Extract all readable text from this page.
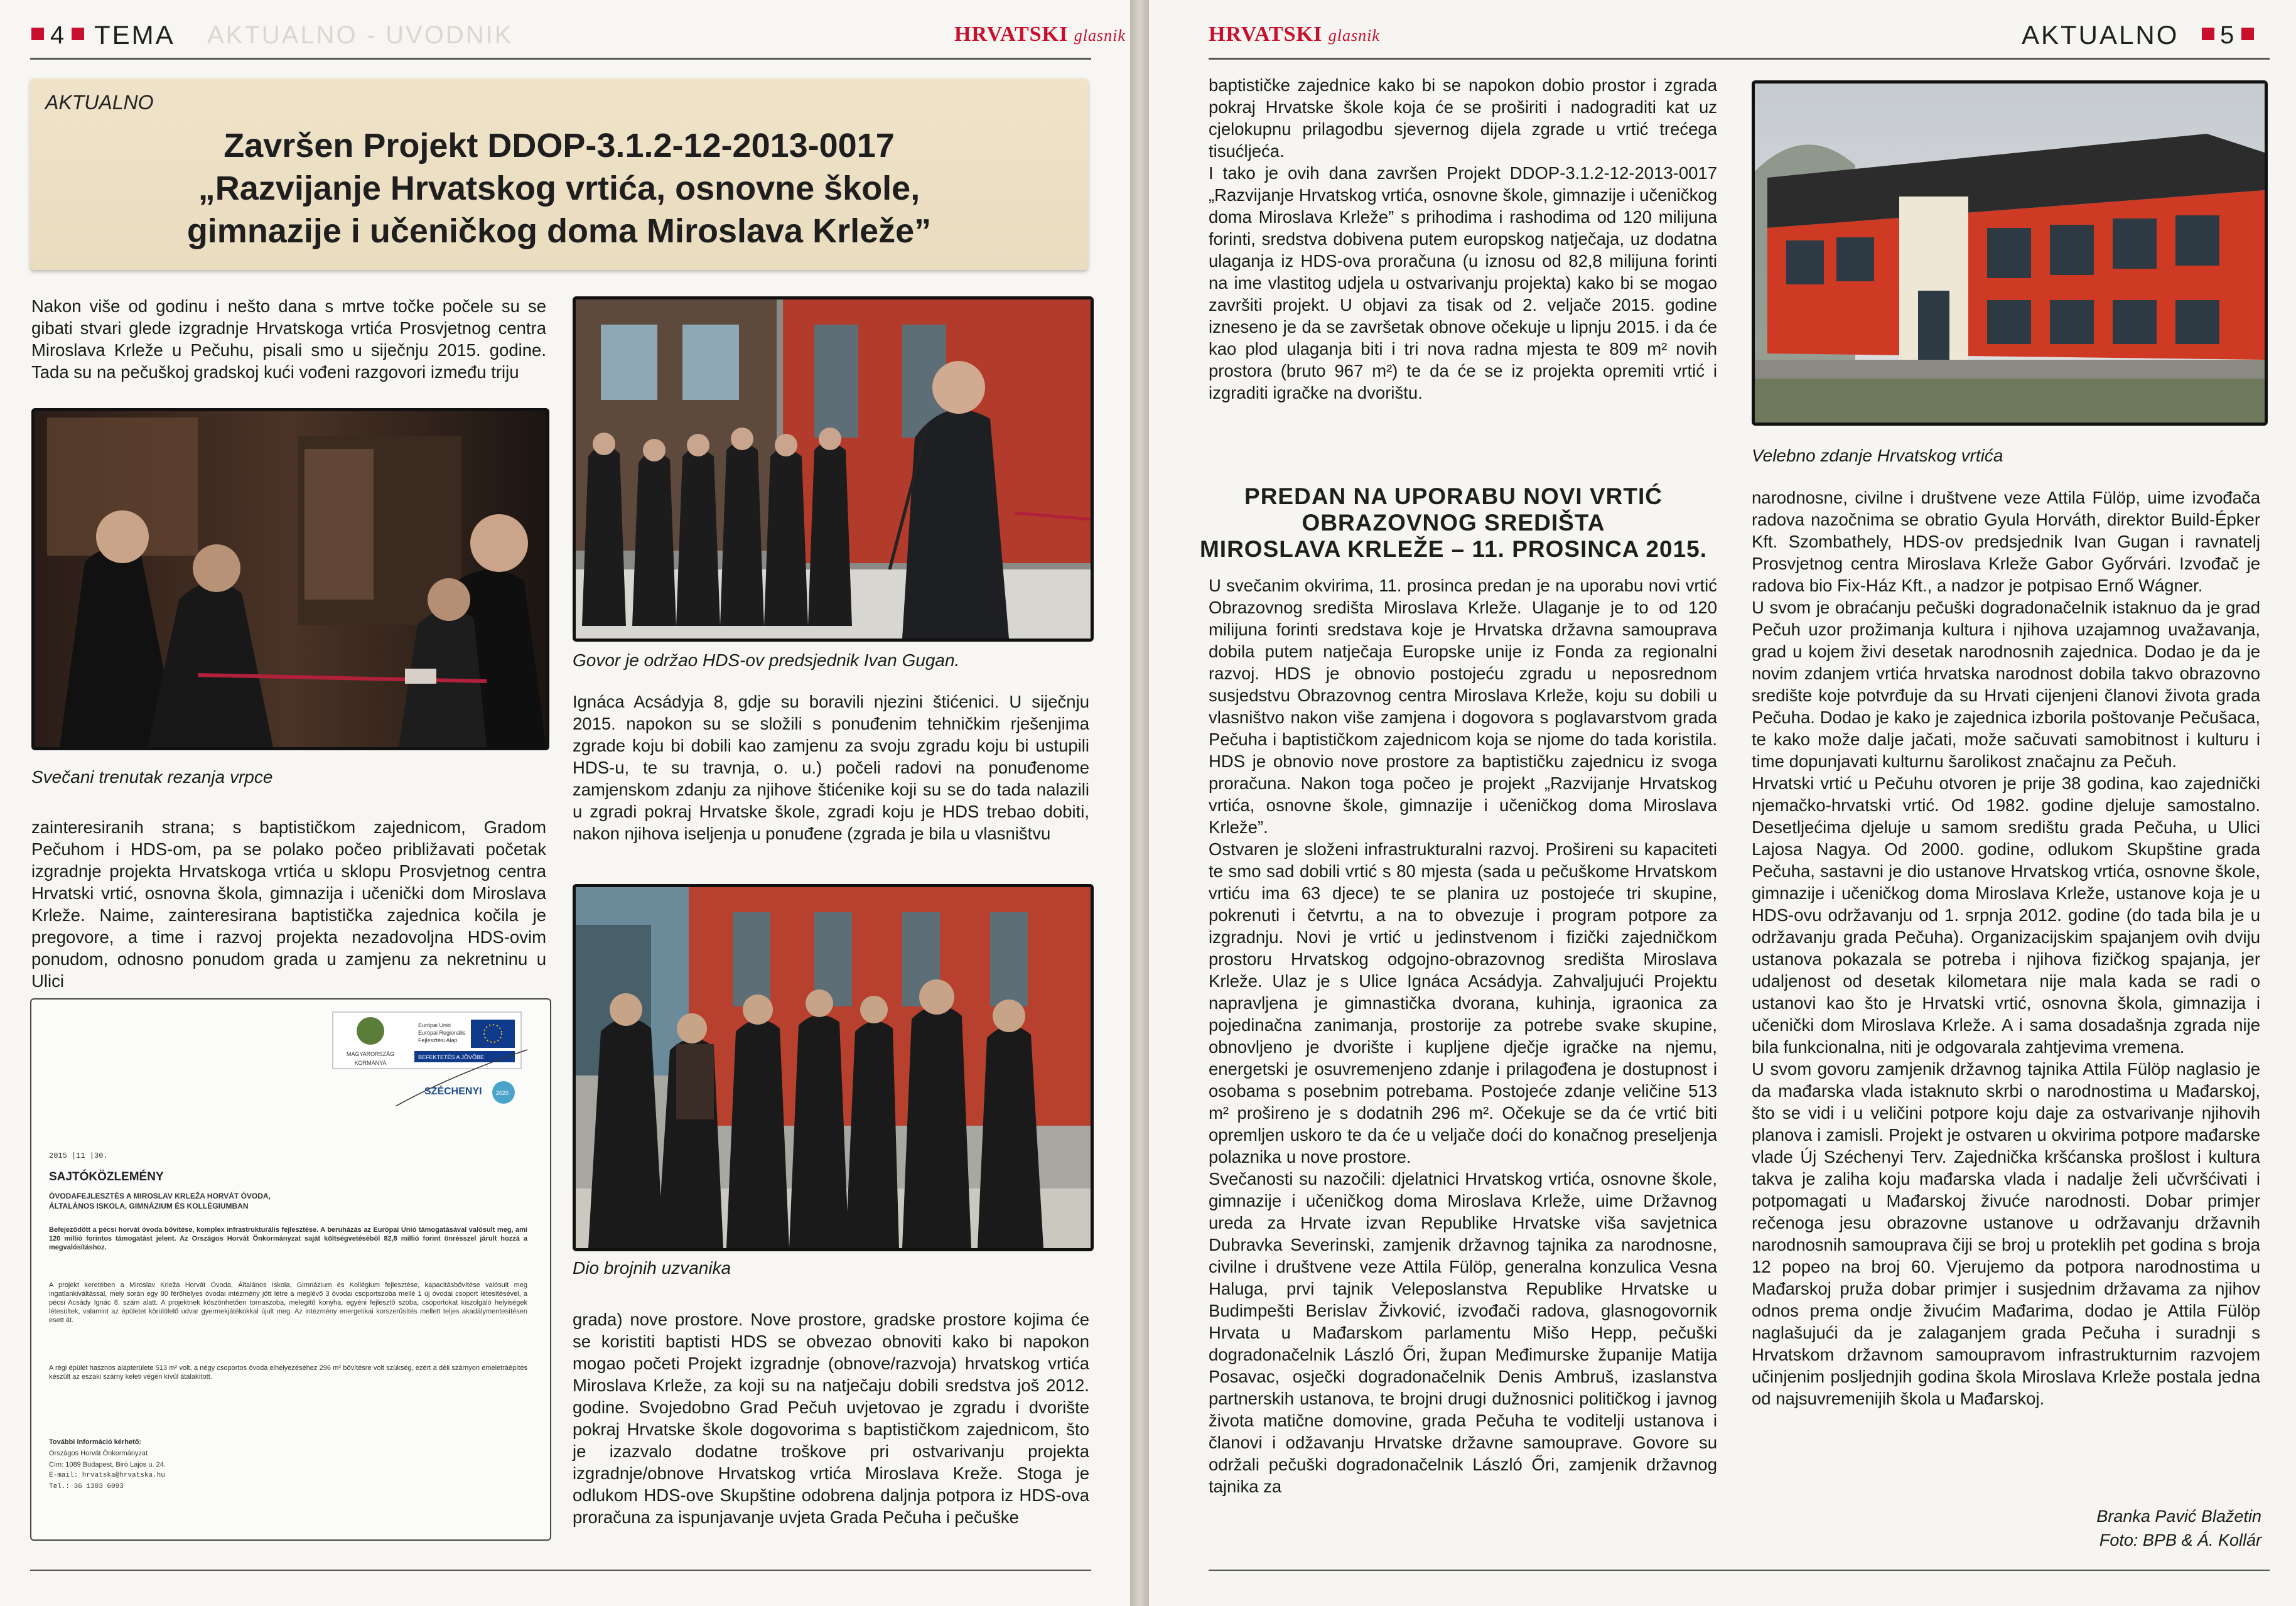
4 TEMA AKTUALNO - UVODNIK	HRVATSKI glasnik
AKTUALNO
Završen Projekt DDOP-3.1.2-12-2013-0017
„Razvijanje Hrvatskog vrtića, osnovne škole,
gimnazije i učeničkog doma Miroslava Krleže”
Nakon više od godinu i nešto dana s mrtve točke počele su se gibati stvari glede izgradnje Hrvatskoga vrtića Prosvjetnog centra Miroslava Krleže u Pečuhu, pisali smo u siječnju 2015. godine. Tada su na pečuškoj gradskoj kući vođeni razgovori između triju
Svečani trenutak rezanja vrpce
zainteresiranih strana; s baptističkom zajednicom, Gradom Pečuhom i HDS-om, pa se polako počeo približavati početak izgradnje projekta Hrvatskoga vrtića u sklopu Prosvjetnog centra Hrvatski vrtić, osnovna škola, gimnazija i učenički dom Miroslava Krleže. Naime, zainteresirana baptistička zajednica kočila je pregovore, a time i razvoj projekta nezadovoljna HDS-ovim ponudom, odnosno ponudom grada u zamjenu za nekretninu u Ulici
MAGYARORSZÁG KORMÁNYA
Európai Unió
Európai Regionális
Fejlesztési Alap
BEFEKTETÉS A JÖVŐBE
SZÉCHENYI 2020
2015 |11 |30.
SAJTÓKÖZLEMÉNY
ÓVODAFEJLESZTÉS A MIROSLAV KRLEŽA HORVÁT ÓVODA,
ÁLTALÁNOS ISKOLA, GIMNÁZIUM ÉS KOLLÉGIUMBAN
Befejeződött a pécsi horvát óvoda bővítése, komplex infrastrukturális fejlesztése. A beruházás az Európai Unió támogatásával valósult meg, ami 120 millió forintos támogatást jelent. Az Országos Horvát Önkormányzat saját költségvetéséből 82,8 millió forint önrésszel járult hozzá a megvalósításhoz.
A projekt keretében a Miroslav Krleža Horvát Óvoda, Általános Iskola, Gimnázium és Kollégium fejlesztése, kapacitásbővítése valósult meg ingatlankiváltással, mely során egy 80 férőhelyes óvodai intézmény jött létre a meglévő 3 óvodai csoportszoba mellé 1 új óvodai csoport létesítésével, a pécsi Acsády Ignác 8. szám alatt. A projektnek köszönhetően tornaszoba, melegítő konyha, egyéni fejlesztő szoba, csoportokat kiszolgáló helyiségek létesültek, valamint az épületet körülölelő udvar gyermekjátékokkal újult meg. Az intézmény energetikai korszerűsítés mellett teljes akadálymentesítésen esett át.
A régi épület hasznos alapterülete 513 m² volt, a négy csoportos óvoda elhelyezéséhez 296 m² bővítésre volt szükség, ezért a déli szárnyon emeletráépítés készült az eszaki szárny keleti végén kívül átalakított.
További információ kérhető:
Országos Horvát Önkormányzat
Cím: 1089 Budapest, Biró Lajos u. 24.
E-mail: hrvatska@hrvatska.hu
Tel.: 36 1303 6093
Govor je održao HDS-ov predsjednik Ivan Gugan.
Ignáca Acsádyja 8, gdje su boravili njezini štićenici. U siječnju 2015. napokon su se složili s ponuđenim tehničkim rješenjima zgrade koju bi dobili kao zamjenu za svoju zgradu koju bi ustupili HDS-u, te su travnja, o. u.) počeli radovi na ponuđenome zamjenskom zdanju za njihove štićenike koji su se do tada nalazili u zgradi pokraj Hrvatske škole, zgradi koju je HDS trebao dobiti, nakon njihova iseljenja u ponuđene (zgrada je bila u vlasništvu
Dio brojnih uzvanika
grada) nove prostore. Nove prostore, gradske prostore kojima će se koristiti baptisti HDS se obvezao obnoviti kako bi napokon mogao početi Projekt izgradnje (obnove/razvoja) hrvatskog vrtića Miroslava Krleže, za koji su na natječaju dobili sredstva još 2012. godine. Svojedobno Grad Pečuh uvjetovao je zgradu i dvorište pokraj Hrvatske škole dogovorima s baptističkom zajednicom, što je izazvalo dodatne troškove pri ostvarivanju projekta izgradnje/obnove Hrvatskog vrtića Miroslava Kreže. Stoga je odlukom HDS-ove Skupštine odobrena daljnja potpora iz HDS-ova proračuna za ispunjavanje uvjeta Grada Pečuha i pečuške
HRVATSKI glasnik	AKTUALNO 5
baptističke zajednice kako bi se napokon dobio prostor i zgrada pokraj Hrvatske škole koja će se proširiti i nadograditi kat uz cjelokupnu prilagodbu sjevernog dijela zgrade u vrtić trećega tisućljeća.
I tako je ovih dana završen Projekt DDOP-3.1.2-12-2013-0017 „Razvijanje Hrvatskog vrtića, osnovne škole, gimnazije i učeničkog doma Miroslava Krleže” s prihodima i rashodima od 120 milijuna forinti, sredstva dobivena putem europskog natječaja, uz dodatna ulaganja iz HDS-ova proračuna (u iznosu od 82,8 milijuna forinti na ime vlastitog udjela u ostvarivanju projekta) kako bi se mogao završiti projekt. U objavi za tisak od 2. veljače 2015. godine izneseno je da se završetak obnove očekuje u lipnju 2015. i da će kao plod ulaganja biti i tri nova radna mjesta te 809 m² novih prostora (bruto 967 m²) te da će se iz projekta opremiti vrtić i izgraditi igračke na dvorištu.
Velebno zdanje Hrvatskog vrtića
PREDAN NA UPORABU NOVI VRTIĆ
OBRAZOVNOG SREDIŠTA
MIROSLAVA KRLEŽE – 11. PROSINCA 2015.
U svečanim okvirima, 11. prosinca predan je na uporabu novi vrtić Obrazovnog središta Miroslava Krleže. Ulaganje je to od 120 milijuna forinti sredstava koje je Hrvatska državna samouprava dobila putem natječaja Europske unije iz Fonda za regionalni razvoj. HDS je obnovio postojeću zgradu u neposrednom susjedstvu Obrazovnog centra Miroslava Krleže, koju su dobili u vlasništvo nakon više zamjena i dogovora s poglavarstvom grada Pečuha i baptističkom zajednicom koja se njome do tada koristila. HDS je obnovio nove prostore za baptističku zajednicu iz svoga proračuna. Nakon toga počeo je projekt „Razvijanje Hrvatskog vrtića, osnovne škole, gimnazije i učeničkog doma Miroslava Krleže”.
Ostvaren je složeni infrastrukturalni razvoj. Prošireni su kapaciteti te smo sad dobili vrtić s 80 mjesta (sada u pečuškome Hrvatskom vrtiću ima 63 djece) te se planira uz postojeće tri skupine, pokrenuti i četvrtu, a na to obvezuje i program potpore za izgradnju. Novi je vrtić u jedinstvenom i fizički zajedničkom prostoru Hrvatskog odgojno-obrazovnog središta Miroslava Krleže. Ulaz je s Ulice Ignáca Acsádyja. Zahvaljujući Projektu napravljena je gimnastička dvorana, kuhinja, igraonica za pojedinačna zanimanja, prostorije za potrebe svake skupine, obnovljeno je dvorište i kupljene dječje igračke na njemu, energetski je osuvremenjeno zdanje i prilagođena je dostupnost i osobama s posebnim potrebama. Postojeće zdanje veličine 513 m² prošireno je s dodatnih 296 m². Očekuje se da će vrtić biti opremljen uskoro te da će u veljače doći do konačnog preseljenja polaznika u nove prostore.
Svečanosti su nazočili: djelatnici Hrvatskog vrtića, osnovne škole, gimnazije i učeničkog doma Miroslava Krleže, uime Državnog ureda za Hrvate izvan Republike Hrvatske viša savjetnica Dubravka Severinski, zamjenik državnog tajnika za narodnosne, civilne i društvene veze Attila Fülöp, generalna konzulica Vesna Haluga, prvi tajnik Veleposlanstva Republike Hrvatske u Budimpešti Berislav Živković, izvođači radova, glasnogovornik Hrvata u Mađarskom parlamentu Mišo Hepp, pečuški dogradonačelnik László Őri, župan Međimurske županije Matija Posavac, osječki dogradonačelnik Denis Ambruš, izaslanstva partnerskih ustanova, te brojni drugi dužnosnici političkog i javnog života matične domovine, grada Pečuha te voditelji ustanova i članovi i odžavanju Hrvatske državne samouprave. Govore su održali pečuški dogradonačelnik László Őri, zamjenik državnog tajnika za
narodnosne, civilne i društvene veze Attila Fülöp, uime izvođača radova nazočnima se obratio Gyula Horváth, direktor Build-Épker Kft. Szombathely, HDS-ov predsjednik Ivan Gugan i ravnatelj Prosvjetnog centra Miroslava Krleže Gabor Győrvári. Izvođač je radova bio Fix-Ház Kft., a nadzor je potpisao Ernő Wágner.
U svom je obraćanju pečuški dogradonačelnik istaknuo da je grad Pečuh uzor prožimanja kultura i njihova uzajamnog uvažavanja, grad u kojem živi desetak narodnosnih zajednica. Dodao je da je novim zdanjem vrtića hrvatska narodnost dobila takvo obrazovno središte koje potvrđuje da su Hrvati cijenjeni članovi života grada Pečuha. Dodao je kako je zajednica izborila poštovanje Pečušaca, te kako može dalje jačati, može sačuvati samobitnost i kulturu i time dopunjavati kulturnu šarolikost značajnu za Pečuh.
Hrvatski vrtić u Pečuhu otvoren je prije 38 godina, kao zajednički njemačko-hrvatski vrtić. Od 1982. godine djeluje samostalno. Desetljećima djeluje u samom središtu grada Pečuha, u Ulici Lajosa Nagya. Od 2000. godine, odlukom Skupštine grada Pečuha, sastavni je dio ustanove Hrvatskog vrtića, osnovne škole, gimnazije i učeničkog doma Miroslava Krleže, ustanove koja je u HDS-ovu održavanju od 1. srpnja 2012. godine (do tada bila je u održavanju grada Pečuha). Organizacijskim spajanjem ovih dviju ustanova pokazala se potreba i njihova fizičkog spajanja, jer udaljenost od desetak kilometara nije mala kada se radi o ustanovi kao što je Hrvatski vrtić, osnovna škola, gimnazija i učenički dom Miroslava Krleže. A i sama dosadašnja zgrada nije bila funkcionalna, niti je odgovarala zahtjevima vremena.
U svom govoru zamjenik državnog tajnika Attila Fülöp naglasio je da mađarska vlada istaknuto skrbi o narodnostima u Mađarskoj, što se vidi i u veličini potpore koju daje za ostvarivanje njihovih planova i zamisli. Projekt je ostvaren u okvirima potpore mađarske vlade Új Széchenyi Terv. Zajednička kršćanska prošlost i kultura takva je zaliha koju mađarska vlada i nadalje želi učvršćivati i potpomagati u Mađarskoj živuće narodnosti. Dobar primjer rečenoga jesu obrazovne ustanove u održavanju državnih narodnosnih samouprava čiji se broj u proteklih pet godina s broja 12 popeo na broj 60. Vjerujemo da potpora narodnostima u Mađarskoj pruža dobar primjer i susjednim državama za njihov odnos prema ondje živućim Mađarima, dodao je Attila Fülöp naglašujući da je zalaganjem grada Pečuha i suradnji s Hrvatskom državnom samoupravom infrastrukturnim razvojem učinjenim posljednjih godina škola Miroslava Krleže postala jedna od najsuvremenijih škola u Mađarskoj.
Branka Pavić Blažetin
Foto: BPB & Á. Kollár
